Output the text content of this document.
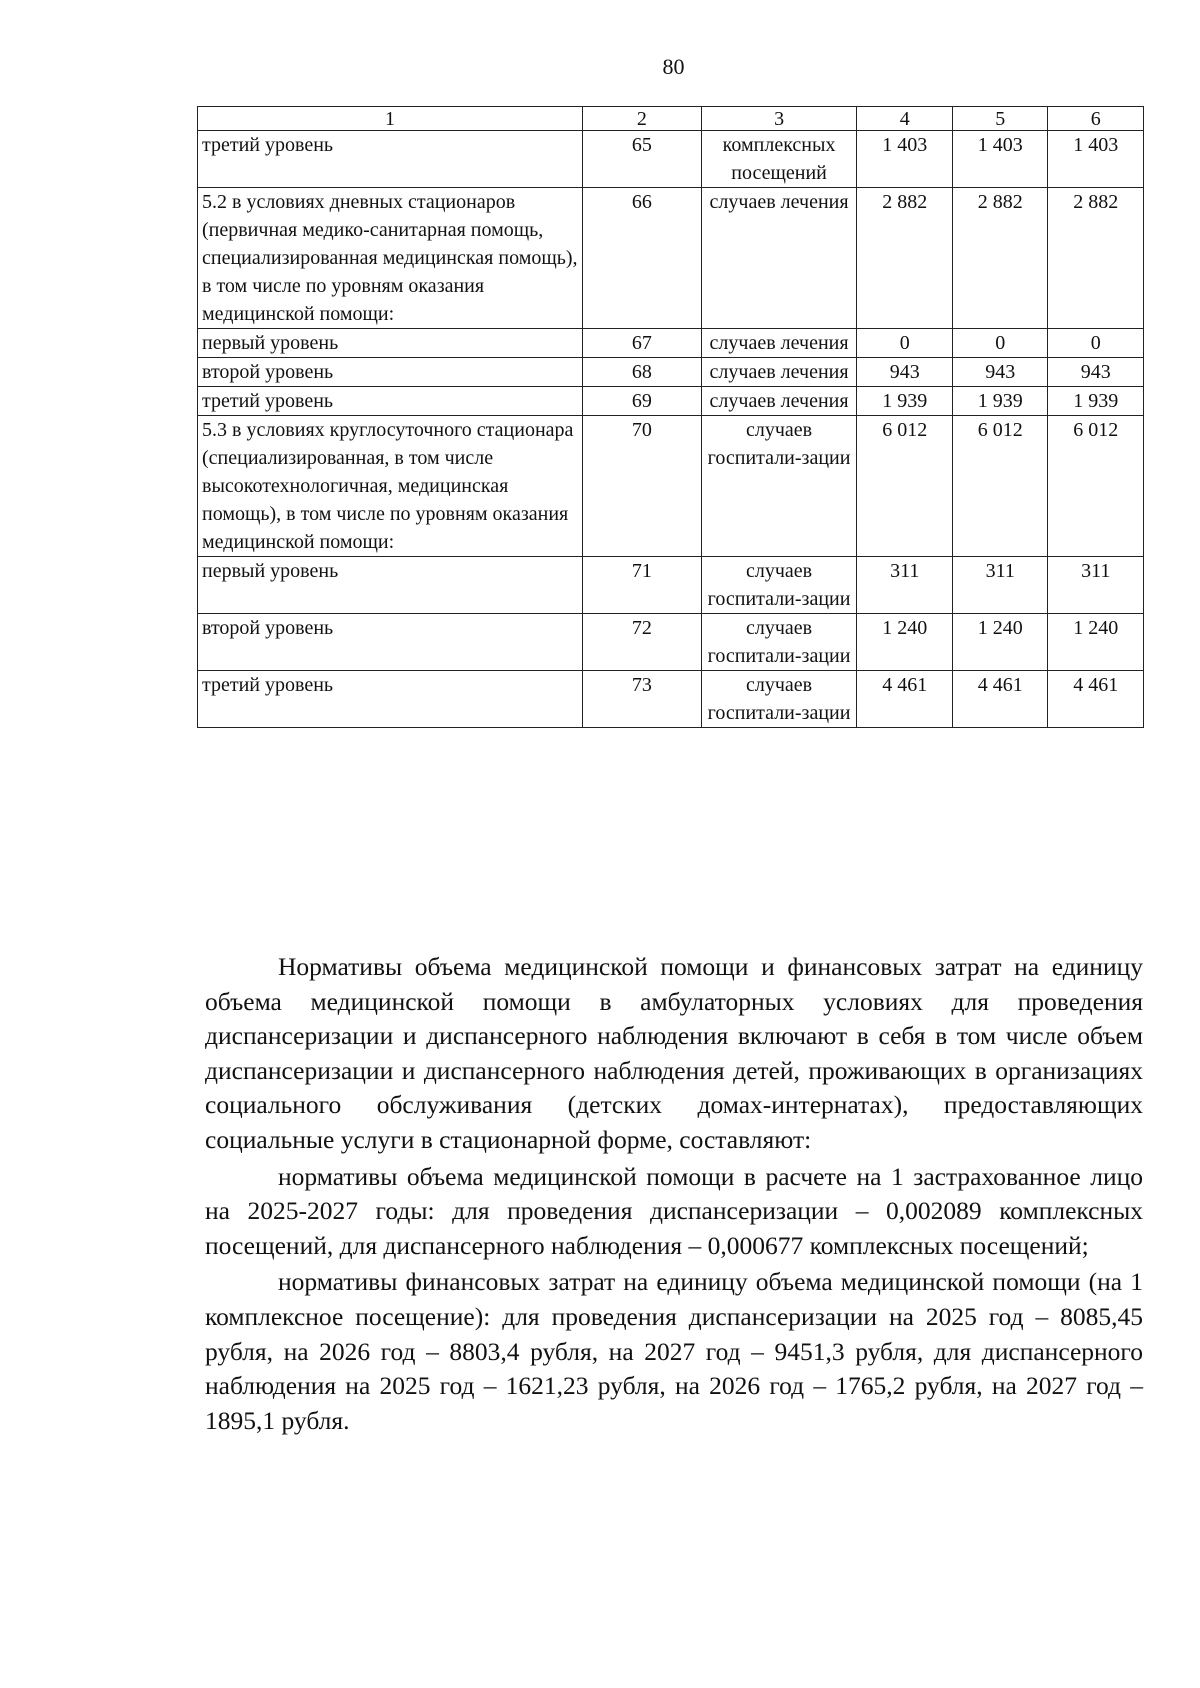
80
1	2	3	4	5	6
третий уровень	65	комплексных посещений	1 403	1 403	1 403
5.2 в условиях дневных стационаров (первичная медико-санитарная помощь, специализированная медицинская помощь), в том числе по уровням оказания медицинской помощи:	66	случаев лечения	2 882	2 882	2 882
первый уровень	67	случаев лечения	0	0	0
второй уровень	68	случаев лечения	943	943	943
третий уровень	69	случаев лечения	1 939	1 939	1 939
5.3 в условиях круглосуточного стационара (специализированная, в том числе высокотехнологичная, медицинская помощь), в том числе по уровням оказания медицинской помощи:	70	случаев госпитали-зации	6 012	6 012	6 012
первый уровень	71	случаев госпитали-зации	311	311	311
второй уровень	72	случаев госпитали-зации	1 240	1 240	1 240
третий уровень	73	случаев госпитали-зации	4 461	4 461	4 461

Нормативы объема медицинской помощи и финансовых затрат на единицу объема медицинской помощи в амбулаторных условиях для проведения диспансеризации и диспансерного наблюдения включают в себя в том числе объем диспансеризации и диспансерного наблюдения детей, проживающих в организациях социального обслуживания (детских домах-интернатах), предоставляющих социальные услуги в стационарной форме, составляют:

нормативы объема медицинской помощи в расчете на 1 застрахованное лицо на 2025-2027 годы: для проведения диспансеризации – 0,002089 комплексных посещений, для диспансерного наблюдения – 0,000677 комплексных посещений;

нормативы финансовых затрат на единицу объема медицинской помощи (на 1 комплексное посещение): для проведения диспансеризации на 2025 год – 8085,45 рубля, на 2026 год – 8803,4 рубля, на 2027 год – 9451,3 рубля, для диспансерного наблюдения на 2025 год – 1621,23 рубля, на 2026 год – 1765,2 рубля, на 2027 год – 1895,1 рубля.
